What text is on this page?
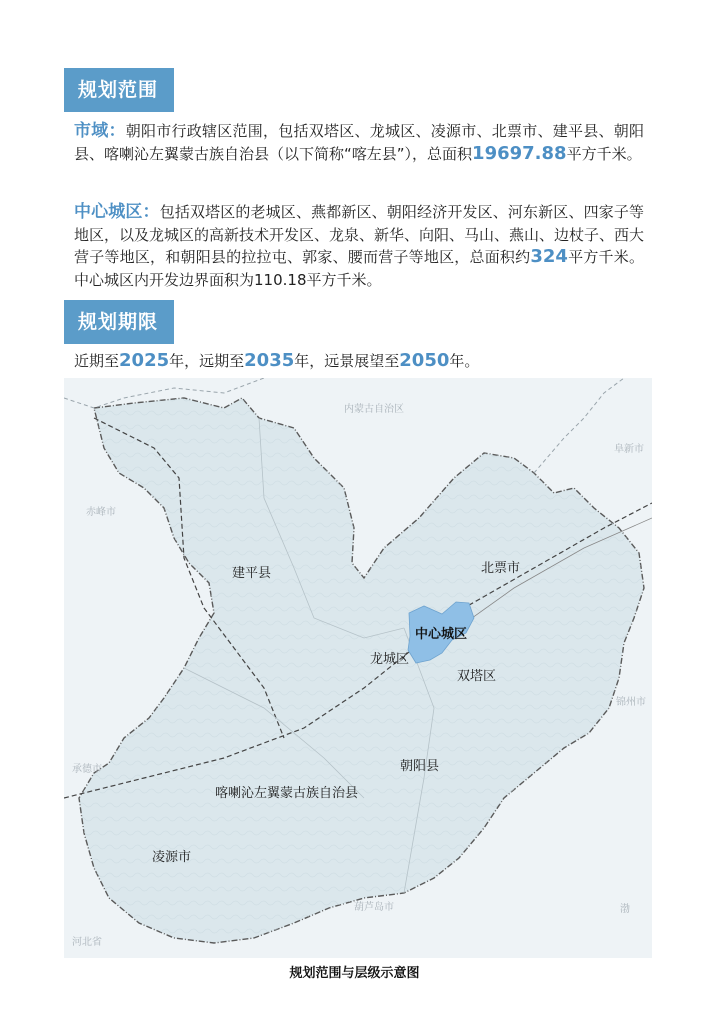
规划范围
市域：朝阳市行政辖区范围，包括双塔区、龙城区、凌源市、北票市、建平县、朝阳县、喀喇沁左翼蒙古族自治县（以下简称“喀左县”），总面积19697.88平方千米。
中心城区：包括双塔区的老城区、燕都新区、朝阳经济开发区、河东新区、四家子等地区，以及龙城区的高新技术开发区、龙泉、新华、向阳、马山、燕山、边杖子、西大营子等地区，和朝阳县的拉拉屯、郭家、腰而营子等地区，总面积约324平方千米。中心城区内开发边界面积为110.18平方千米。
规划期限
近期至2025年，远期至2035年，远景展望至2050年。
内蒙古自治区
赤峰市
阜新市
锦州市
承德市
葫芦岛市
河北省
渤
建平县	北票市
中心城区
龙城区
双塔区
朝阳县
喀喇沁左翼蒙古族自治县
凌源市
规划范围与层级示意图
